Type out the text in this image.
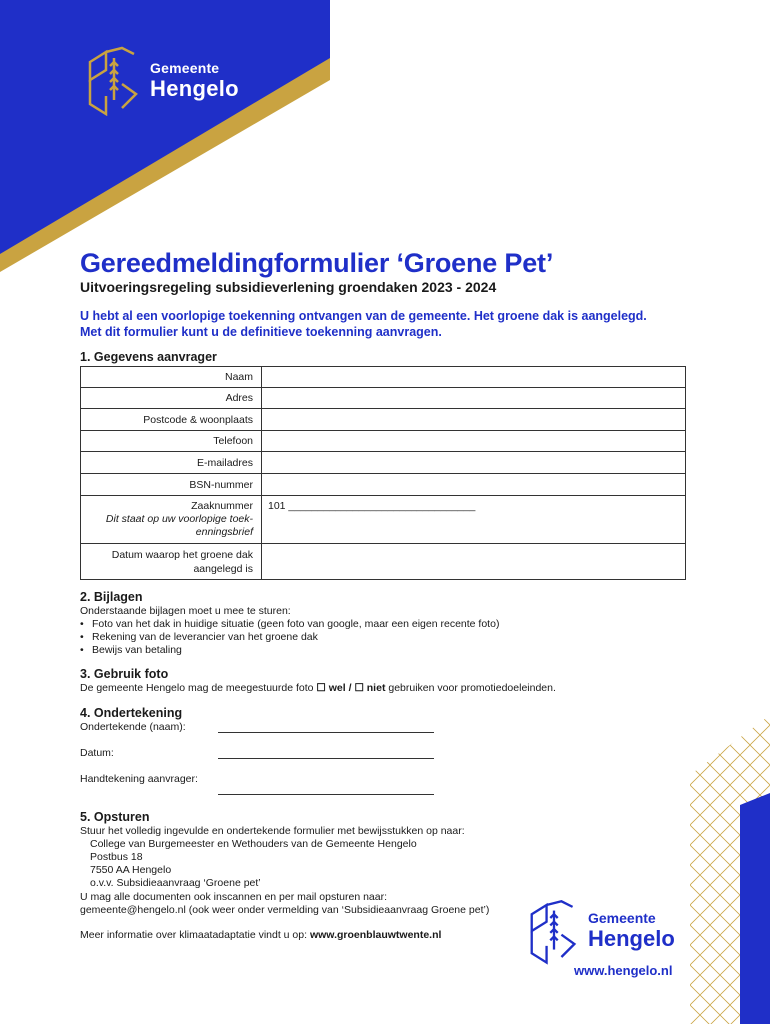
Gemeente
Hengelo
Gereedmeldingformulier ‘Groene Pet’
Uitvoeringsregeling subsidieverlening groendaken 2023 - 2024
U hebt al een voorlopige toekenning ontvangen van de gemeente. Het groene dak is aangelegd.
Met dit formulier kunt u de definitieve toekenning aanvragen.
1. Gegevens aanvrager
Naam	
Adres	
Postcode & woonplaats	
Telefoon	
E-mailadres	
BSN-nummer	

Zaaknummer
Dit staat op uw voorlopige toek-
enningsbrief	101 ________________________________

Datum waarop het groene dak
aangelegd is	

2. Bijlagen
Onderstaande bijlagen moet u mee te sturen:
• Foto van het dak in huidige situatie (geen foto van google, maar een eigen recente foto)
• Rekening van de leverancier van het groene dak
• Bewijs van betaling
3. Gebruik foto
De gemeente Hengelo mag de meegestuurde foto ☐ wel / ☐ niet gebruiken voor promotiedoeleinden.
4. Ondertekening
Ondertekende (naam):
Datum:
Handtekening aanvrager:
5. Opsturen
Stuur het volledig ingevulde en ondertekende formulier met bewijsstukken op naar:
College van Burgemeester en Wethouders van de Gemeente Hengelo
Postbus 18
7550 AA Hengelo
o.v.v. Subsidieaanvraag ‘Groene pet’
U mag alle documenten ook inscannen en per mail opsturen naar:
gemeente@hengelo.nl (ook weer onder vermelding van ‘Subsidieaanvraag Groene pet’)
Meer informatie over klimaatadaptatie vindt u op: www.groenblauwtwente.nl
Gemeente
Hengelo
www.hengelo.nl
